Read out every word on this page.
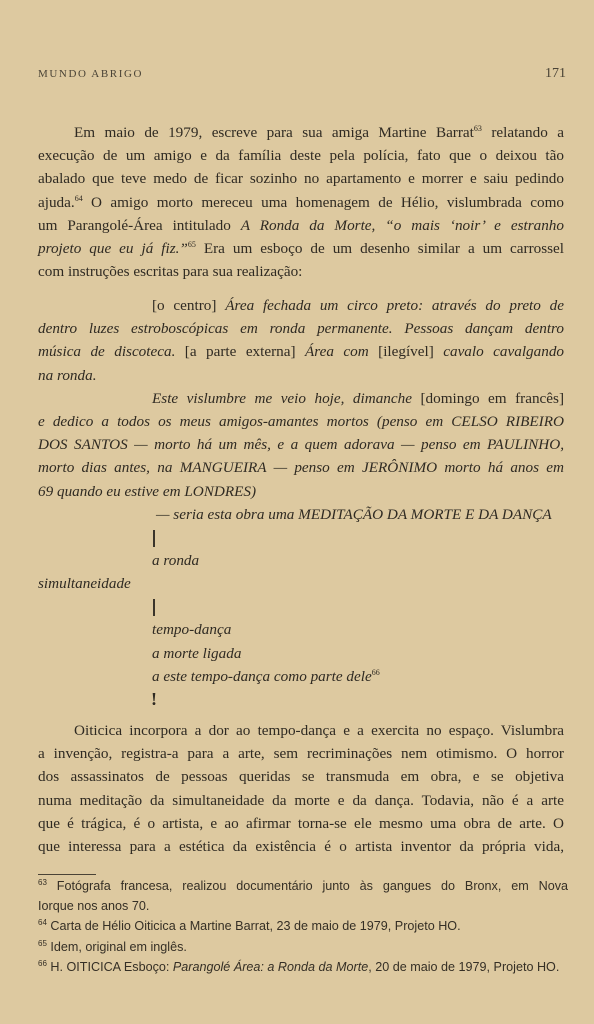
MUNDO ABRIGO	171
Em maio de 1979, escreve para sua amiga Martine Barrat$^{63}$ relatando a
execução de um amigo e da família deste pela polícia, fato que o deixou tão
abalado que teve medo de ficar sozinho no apartamento e morrer e saiu pedindo
ajuda.$^{64}$ O amigo morto mereceu uma homenagem de Hélio, vislumbrada como
um Parangolé-Área intitulado A Ronda da Morte, “o mais ‘noir’ e estranho
projeto que eu já fiz.”$^{65}$ Era um esboço de um desenho similar a um carrossel
com instruções escritas para sua realização:
[o centro] Área fechada um circo preto: através do preto de
dentro luzes estroboscópicas em ronda permanente. Pessoas dançam dentro
música de discoteca. [a parte externa] Área com [ilegível] cavalo cavalgando
na ronda.
Este vislumbre me veio hoje, dimanche [domingo em francês]
e dedico a todos os meus amigos-amantes mortos (penso em CELSO RIBEIRO
DOS SANTOS — morto há um mês, e a quem adorava — penso em PAULINHO,
morto dias antes, na MANGUEIRA — penso em JERÔNIMO morto há anos em
69 quando eu estive em LONDRES)
— seria esta obra uma MEDITAÇÃO DA MORTE E DA DANÇA
a ronda
simultaneidade
tempo-dança
a morte ligada
a este tempo-dança como parte dele$^{66}$
!
Oiticica incorpora a dor ao tempo-dança e a exercita no espaço. Vislumbra
a invenção, registra-a para a arte, sem recriminações nem otimismo. O horror
dos assassinatos de pessoas queridas se transmuda em obra, e se objetiva
numa meditação da simultaneidade da morte e da dança. Todavia, não é a arte
que é trágica, é o artista, e ao afirmar torna-se ele mesmo uma obra de arte. O
que interessa para a estética da existência é o artista inventor da própria vida,
$^{63}$ Fotógrafa francesa, realizou documentário junto às gangues do Bronx, em Nova
Iorque nos anos 70.
$^{64}$ Carta de Hélio Oiticica a Martine Barrat, 23 de maio de 1979, Projeto HO.
$^{65}$ Idem, original em inglês.
$^{66}$ H. OITICICA Esboço: Parangolé Área: a Ronda da Morte, 20 de maio de 1979, Projeto HO.
